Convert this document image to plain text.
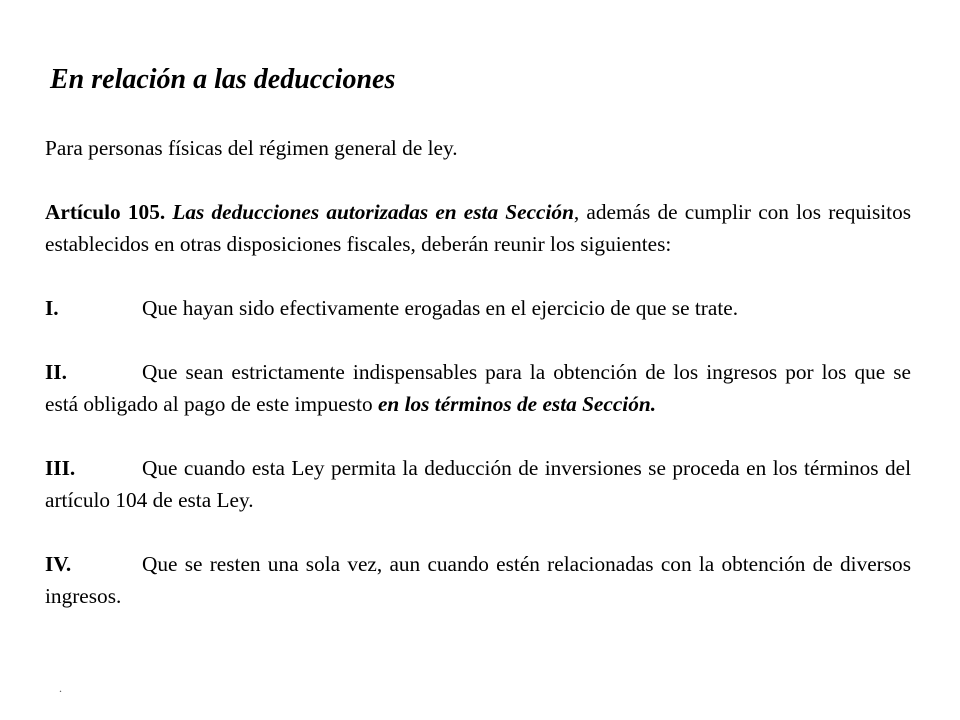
En relación a las deducciones

Para personas físicas del régimen general de ley.

Artículo 105. Las deducciones autorizadas en esta Sección, además de cumplir con los requisitos establecidos en otras disposiciones fiscales, deberán reunir los siguientes:

I.	Que hayan sido efectivamente erogadas en el ejercicio de que se trate.

II.	Que sean estrictamente indispensables para la obtención de los ingresos por los que se está obligado al pago de este impuesto en los términos de esta Sección.

III.	Que cuando esta Ley permita la deducción de inversiones se proceda en los términos del artículo 104 de esta Ley.

IV.	Que se resten una sola vez, aun cuando estén relacionadas con la obtención de diversos ingresos.

.
